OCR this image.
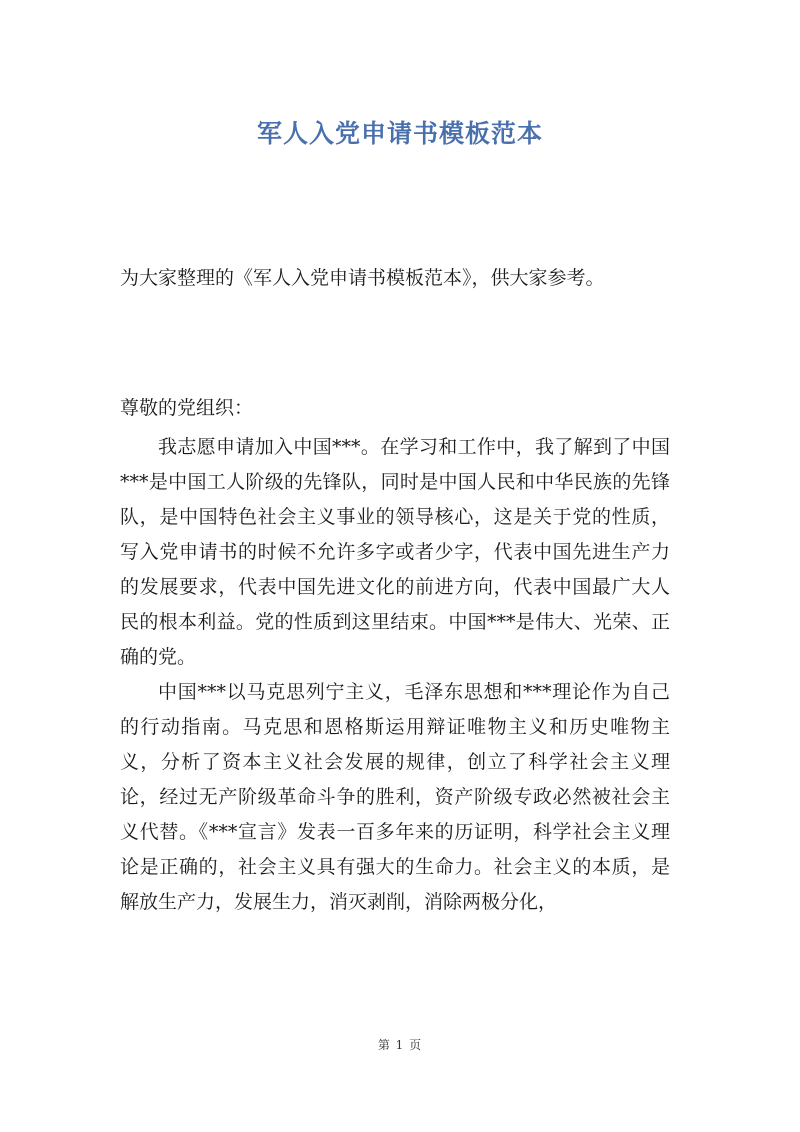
军人入党申请书模板范本
为大家整理的《军人入党申请书模板范本》，供大家参考。
尊敬的党组织：

我志愿申请加入中国***。在学习和工作中，我了解到了中国***是中国工人阶级的先锋队，同时是中国人民和中华民族的先锋队，是中国特色社会主义事业的领导核心，这是关于党的性质，写入党申请书的时候不允许多字或者少字，代表中国先进生产力的发展要求，代表中国先进文化的前进方向，代表中国最广大人民的根本利益。党的性质到这里结束。中国***是伟大、光荣、正确的党。

中国***以马克思列宁主义，毛泽东思想和***理论作为自己的行动指南。马克思和恩格斯运用辩证唯物主义和历史唯物主义，分析了资本主义社会发展的规律，创立了科学社会主义理论，经过无产阶级革命斗争的胜利，资产阶级专政必然被社会主义代替。《***宣言》发表一百多年来的历证明，科学社会主义理论是正确的，社会主义具有强大的生命力。社会主义的本质，是解放生产力，发展生力，消灭剥削，消除两极分化，

第 1 页
